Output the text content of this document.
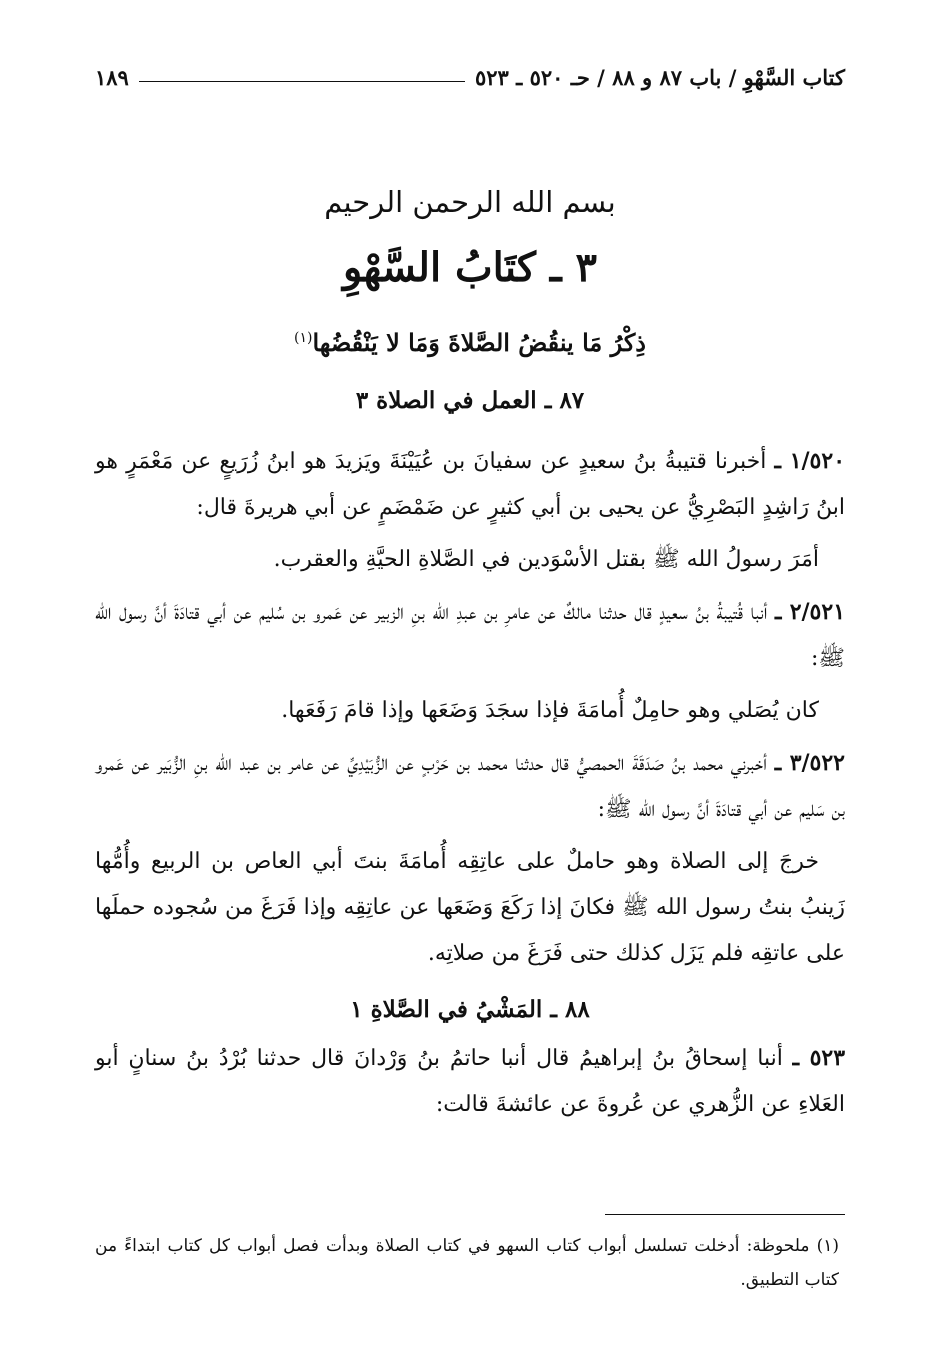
كتاب السَّهْوِ / باب ٨٧ و ٨٨ / حـ ٥٢٠ ـ ٥٢٣
١٨٩
بسم الله الرحمن الرحيم
٣ ـ كتَابُ السَّهْوِ
ذِكْرُ مَا ينقُضُ الصَّلاةَ وَمَا لا يَنْقُضُها$^{(١)}$
٨٧ ـ العمل في الصلاة ٣

١/٥٢٠ ـ أخبرنا قتيبةُ بنُ سعيدٍ عن سفيانَ بن عُيَيْنَةَ ويَزيدَ هو ابنُ زُرَيعٍ عن مَعْمَرٍ هو ابنُ رَاشِدٍ البَصْرِيُّ عن يحيى بن أبي كثيرٍ عن ضَمْضَمٍ عن أبي هريرةَ قال:

أمَرَ رسولُ الله ﷺ بقتل الأسْوَدين في الصَّلاةِ الحيَّةِ والعقرب.

٢/٥٢١ ـ أنبا قُتيبةُ بنُ سعيدٍ قال حدثنا مالكٌ عن عامرِ بن عبدِ الله بنِ الزبير عن عَمرو بن سُليم عن أبي قتادَةَ أنَّ رسول الله ﷺ:

كان يُصَلي وهو حامِلٌ أُمامَةَ فإذا سجَدَ وَضَعَها وإذا قامَ رَفَعَها.

٣/٥٢٢ ـ أخبرني محمد بنُ صَدَقَةَ الحمصيُّ قال حدثنا محمد بن حَرْبٍ عن الزُّبَيْدِيِّ عن عامر بن عبد الله بنِ الزُّبَير عن عَمرو بن سَليم عن أبي قتادَةَ أنَّ رسول الله ﷺ:

خرجَ إلى الصلاة وهو حاملٌ على عاتِقِه أُمامَةَ بنتَ أبي العاص بن الربيع وأُمُّها زَينبُ بنتُ رسول الله ﷺ فكانَ إذا رَكَعَ وَضَعَها عن عاتِقِه وإذا فَرَغَ من سُجوده حملَها على عاتقِه فلم يَزَل كذلك حتى فَرَغَ من صلاتِه.

٨٨ ـ المَشْيُ في الصَّلاةِ ١

٥٢٣ ـ أنبا إسحاقُ بنُ إبراهيمُ قال أنبا حاتمُ بنُ وَرْدانَ قال حدثنا بُرْدُ بنُ سنانٍ أبو العَلاءِ عن الزُّهري عن عُروةَ عن عائشةَ قالت:

(١) ملحوظة: أدخلت تسلسل أبواب كتاب السهو في كتاب الصلاة وبدأت فصل أبواب كل كتاب ابتداءً من كتاب التطبيق.
